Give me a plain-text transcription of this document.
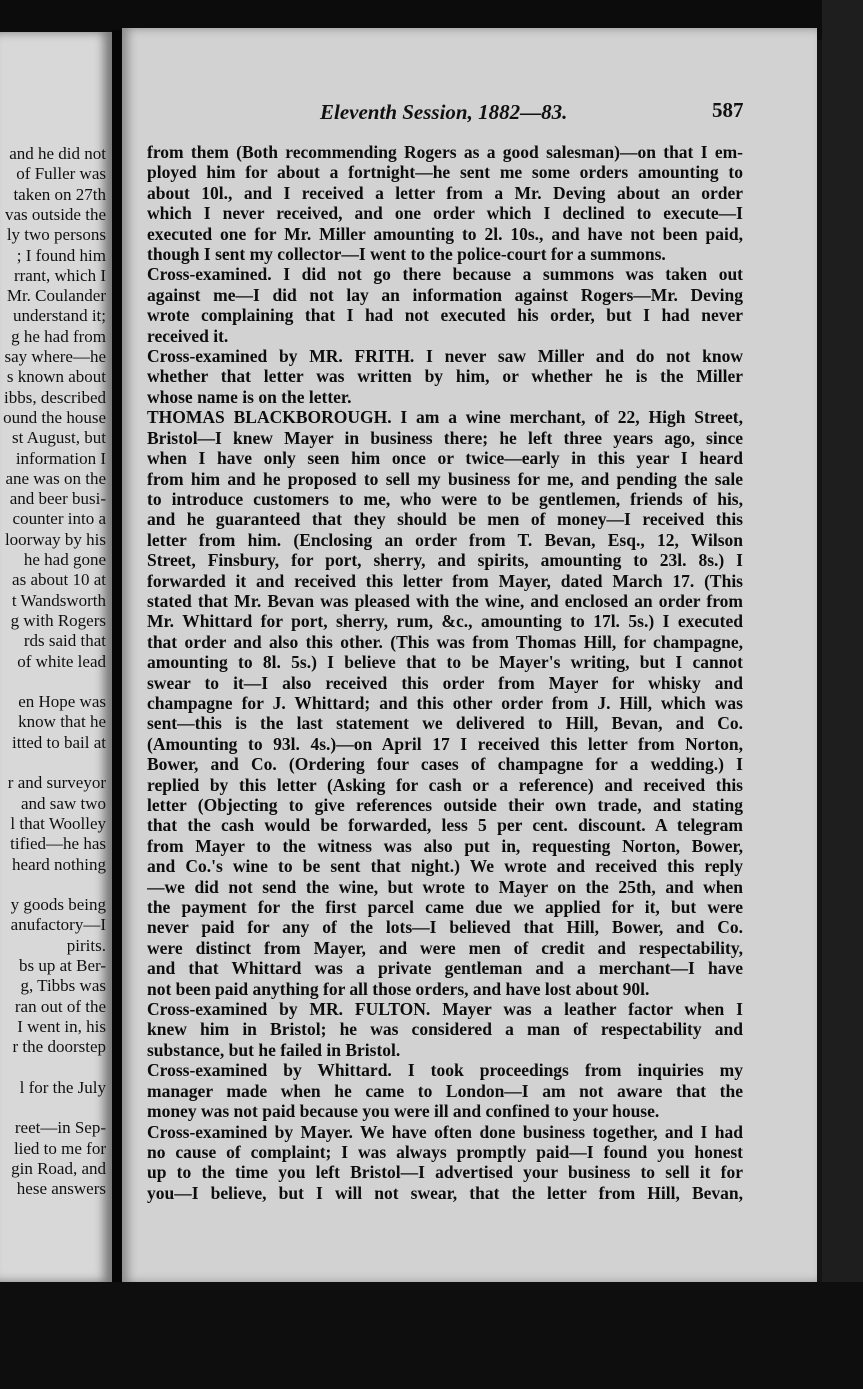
and he did not
of Fuller was
taken on 27th
vas outside the
ly two persons
; I found him
rrant, which I
Mr. Coulander
understand it;
g he had from
say where—he
s known about
ibbs, described
ound the house
st August, but
information I
ane was on the
and beer busi-
counter into a
loorway by his
he had gone
as about 10 at
t Wandsworth
g with Rogers
rds said that
of white lead
en Hope was
know that he
itted to bail at
r and surveyor
and saw two
l that Woolley
tified—he has
heard nothing
y goods being
anufactory—I
pirits.
bs up at Ber-
g, Tibbs was
ran out of the
I went in, his
r the doorstep
l for the July
reet—in Sep-
lied to me for
gin Road, and
hese answers
Eleventh Session, 1882—83.	587
from them (Both recommending Rogers as a good salesman)—on that I em-
ployed him for about a fortnight—he sent me some orders amounting to
about 10l., and I received a letter from a Mr. Deving about an order
which I never received, and one order which I declined to execute—I
executed one for Mr. Miller amounting to 2l. 10s., and have not been paid,
though I sent my collector—I went to the police-court for a summons.
Cross-examined. I did not go there because a summons was taken out
against me—I did not lay an information against Rogers—Mr. Deving
wrote complaining that I had not executed his order, but I had never
received it.
Cross-examined by MR. FRITH. I never saw Miller and do not know
whether that letter was written by him, or whether he is the Miller
whose name is on the letter.
THOMAS BLACKBOROUGH. I am a wine merchant, of 22, High Street,
Bristol—I knew Mayer in business there; he left three years ago, since
when I have only seen him once or twice—early in this year I heard
from him and he proposed to sell my business for me, and pending the sale
to introduce customers to me, who were to be gentlemen, friends of his,
and he guaranteed that they should be men of money—I received this
letter from him. (Enclosing an order from T. Bevan, Esq., 12, Wilson
Street, Finsbury, for port, sherry, and spirits, amounting to 23l. 8s.) I
forwarded it and received this letter from Mayer, dated March 17. (This
stated that Mr. Bevan was pleased with the wine, and enclosed an order from
Mr. Whittard for port, sherry, rum, &c., amounting to 17l. 5s.) I executed
that order and also this other. (This was from Thomas Hill, for champagne,
amounting to 8l. 5s.) I believe that to be Mayer's writing, but I cannot
swear to it—I also received this order from Mayer for whisky and
champagne for J. Whittard; and this other order from J. Hill, which was
sent—this is the last statement we delivered to Hill, Bevan, and Co.
(Amounting to 93l. 4s.)—on April 17 I received this letter from Norton,
Bower, and Co. (Ordering four cases of champagne for a wedding.) I
replied by this letter (Asking for cash or a reference) and received this
letter (Objecting to give references outside their own trade, and stating
that the cash would be forwarded, less 5 per cent. discount. A telegram
from Mayer to the witness was also put in, requesting Norton, Bower,
and Co.'s wine to be sent that night.) We wrote and received this reply
—we did not send the wine, but wrote to Mayer on the 25th, and when
the payment for the first parcel came due we applied for it, but were
never paid for any of the lots—I believed that Hill, Bower, and Co.
were distinct from Mayer, and were men of credit and respectability,
and that Whittard was a private gentleman and a merchant—I have
not been paid anything for all those orders, and have lost about 90l.
Cross-examined by MR. FULTON. Mayer was a leather factor when I
knew him in Bristol; he was considered a man of respectability and
substance, but he failed in Bristol.
Cross-examined by Whittard. I took proceedings from inquiries my
manager made when he came to London—I am not aware that the
money was not paid because you were ill and confined to your house.
Cross-examined by Mayer. We have often done business together, and I had
no cause of complaint; I was always promptly paid—I found you honest
up to the time you left Bristol—I advertised your business to sell it for
you—I believe, but I will not swear, that the letter from Hill, Bevan,
